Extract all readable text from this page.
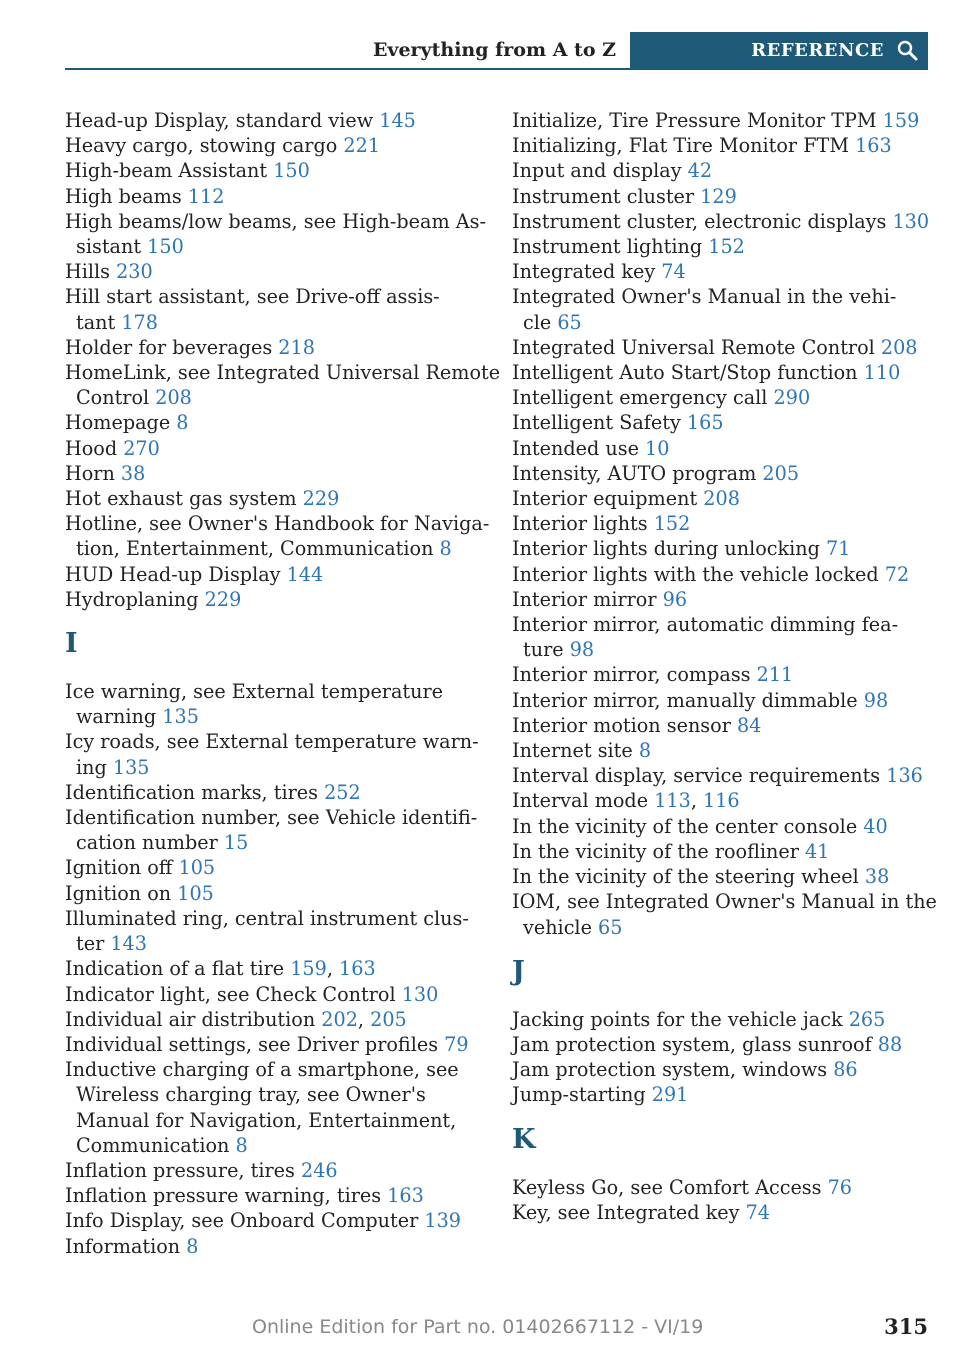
Everything from A to Z	REFERENCE
Head-up Display, standard view 145
Heavy cargo, stowing cargo 221
High-beam Assistant 150
High beams 112
High beams/low beams, see High-beam As-
sistant 150
Hills 230
Hill start assistant, see Drive-off assis-
tant 178
Holder for beverages 218
HomeLink, see Integrated Universal Remote
Control 208
Homepage 8
Hood 270
Horn 38
Hot exhaust gas system 229
Hotline, see Owner's Handbook for Naviga-
tion, Entertainment, Communication 8
HUD Head-up Display 144
Hydroplaning 229
I
Ice warning, see External temperature
warning 135
Icy roads, see External temperature warn-
ing 135
Identification marks, tires 252
Identification number, see Vehicle identifi-
cation number 15
Ignition off 105
Ignition on 105
Illuminated ring, central instrument clus-
ter 143
Indication of a flat tire 159, 163
Indicator light, see Check Control 130
Individual air distribution 202, 205
Individual settings, see Driver profiles 79
Inductive charging of a smartphone, see
Wireless charging tray, see Owner's
Manual for Navigation, Entertainment,
Communication 8
Inflation pressure, tires 246
Inflation pressure warning, tires 163
Info Display, see Onboard Computer 139
Information 8
Initialize, Tire Pressure Monitor TPM 159
Initializing, Flat Tire Monitor FTM 163
Input and display 42
Instrument cluster 129
Instrument cluster, electronic displays 130
Instrument lighting 152
Integrated key 74
Integrated Owner's Manual in the vehi-
cle 65
Integrated Universal Remote Control 208
Intelligent Auto Start/Stop function 110
Intelligent emergency call 290
Intelligent Safety 165
Intended use 10
Intensity, AUTO program 205
Interior equipment 208
Interior lights 152
Interior lights during unlocking 71
Interior lights with the vehicle locked 72
Interior mirror 96
Interior mirror, automatic dimming fea-
ture 98
Interior mirror, compass 211
Interior mirror, manually dimmable 98
Interior motion sensor 84
Internet site 8
Interval display, service requirements 136
Interval mode 113, 116
In the vicinity of the center console 40
In the vicinity of the roofliner 41
In the vicinity of the steering wheel 38
IOM, see Integrated Owner's Manual in the
vehicle 65
J
Jacking points for the vehicle jack 265
Jam protection system, glass sunroof 88
Jam protection system, windows 86
Jump-starting 291
K
Keyless Go, see Comfort Access 76
Key, see Integrated key 74
Online Edition for Part no. 01402667112 - VI/19	315
